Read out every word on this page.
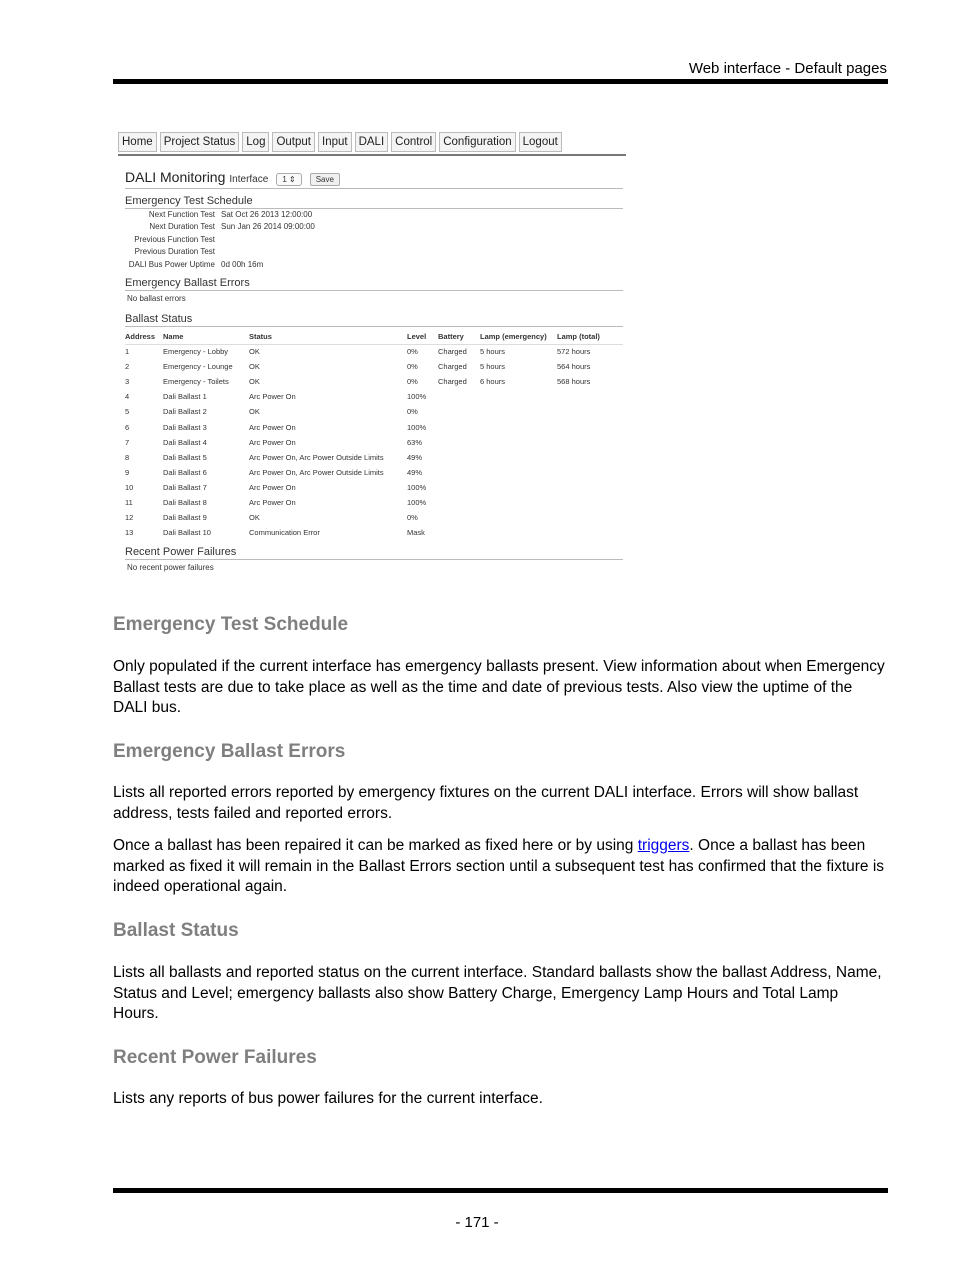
Web interface - Default pages
Home Project Status Log Output Input DALI Control Configuration Logout
DALI Monitoring Interface	1 ⇕	Save
Emergency Test Schedule
Next Function Test Sat Oct 26 2013 12:00:00
Next Duration Test Sun Jan 26 2014 09:00:00
Previous Function Test
Previous Duration Test
DALI Bus Power Uptime 0d 00h 16m
Emergency Ballast Errors
No ballast errors
Ballast Status
Address	Name	Status	Level	Battery	Lamp (emergency)	Lamp (total)
1	Emergency - Lobby	OK	0%	Charged	5 hours	572 hours
2	Emergency - Lounge	OK	0%	Charged	5 hours	564 hours
3	Emergency - Toilets	OK	0%	Charged	6 hours	568 hours
4	Dali Ballast 1	Arc Power On	100%			
5	Dali Ballast 2	OK	0%			
6	Dali Ballast 3	Arc Power On	100%			
7	Dali Ballast 4	Arc Power On	63%			
8	Dali Ballast 5	Arc Power On, Arc Power Outside Limits	49%			
9	Dali Ballast 6	Arc Power On, Arc Power Outside Limits	49%			
10	Dali Ballast 7	Arc Power On	100%			
11	Dali Ballast 8	Arc Power On	100%			
12	Dali Ballast 9	OK	0%			
13	Dali Ballast 10	Communication Error	Mask			
Recent Power Failures
No recent power failures
Emergency Test Schedule
Only populated if the current interface has emergency ballasts present. View information about when Emergency Ballast tests are due to take place as well as the time and date of previous tests. Also view the uptime of the DALI bus.
Emergency Ballast Errors
Lists all reported errors reported by emergency fixtures on the current DALI interface. Errors will show ballast address, tests failed and reported errors.
Once a ballast has been repaired it can be marked as fixed here or by using triggers. Once a ballast has been marked as fixed it will remain in the Ballast Errors section until a subsequent test has confirmed that the fixture is indeed operational again.
Ballast Status
Lists all ballasts and reported status on the current interface. Standard ballasts show the ballast Address, Name, Status and Level; emergency ballasts also show Battery Charge, Emergency Lamp Hours and Total Lamp Hours.
Recent Power Failures
Lists any reports of bus power failures for the current interface.
- 171 -
